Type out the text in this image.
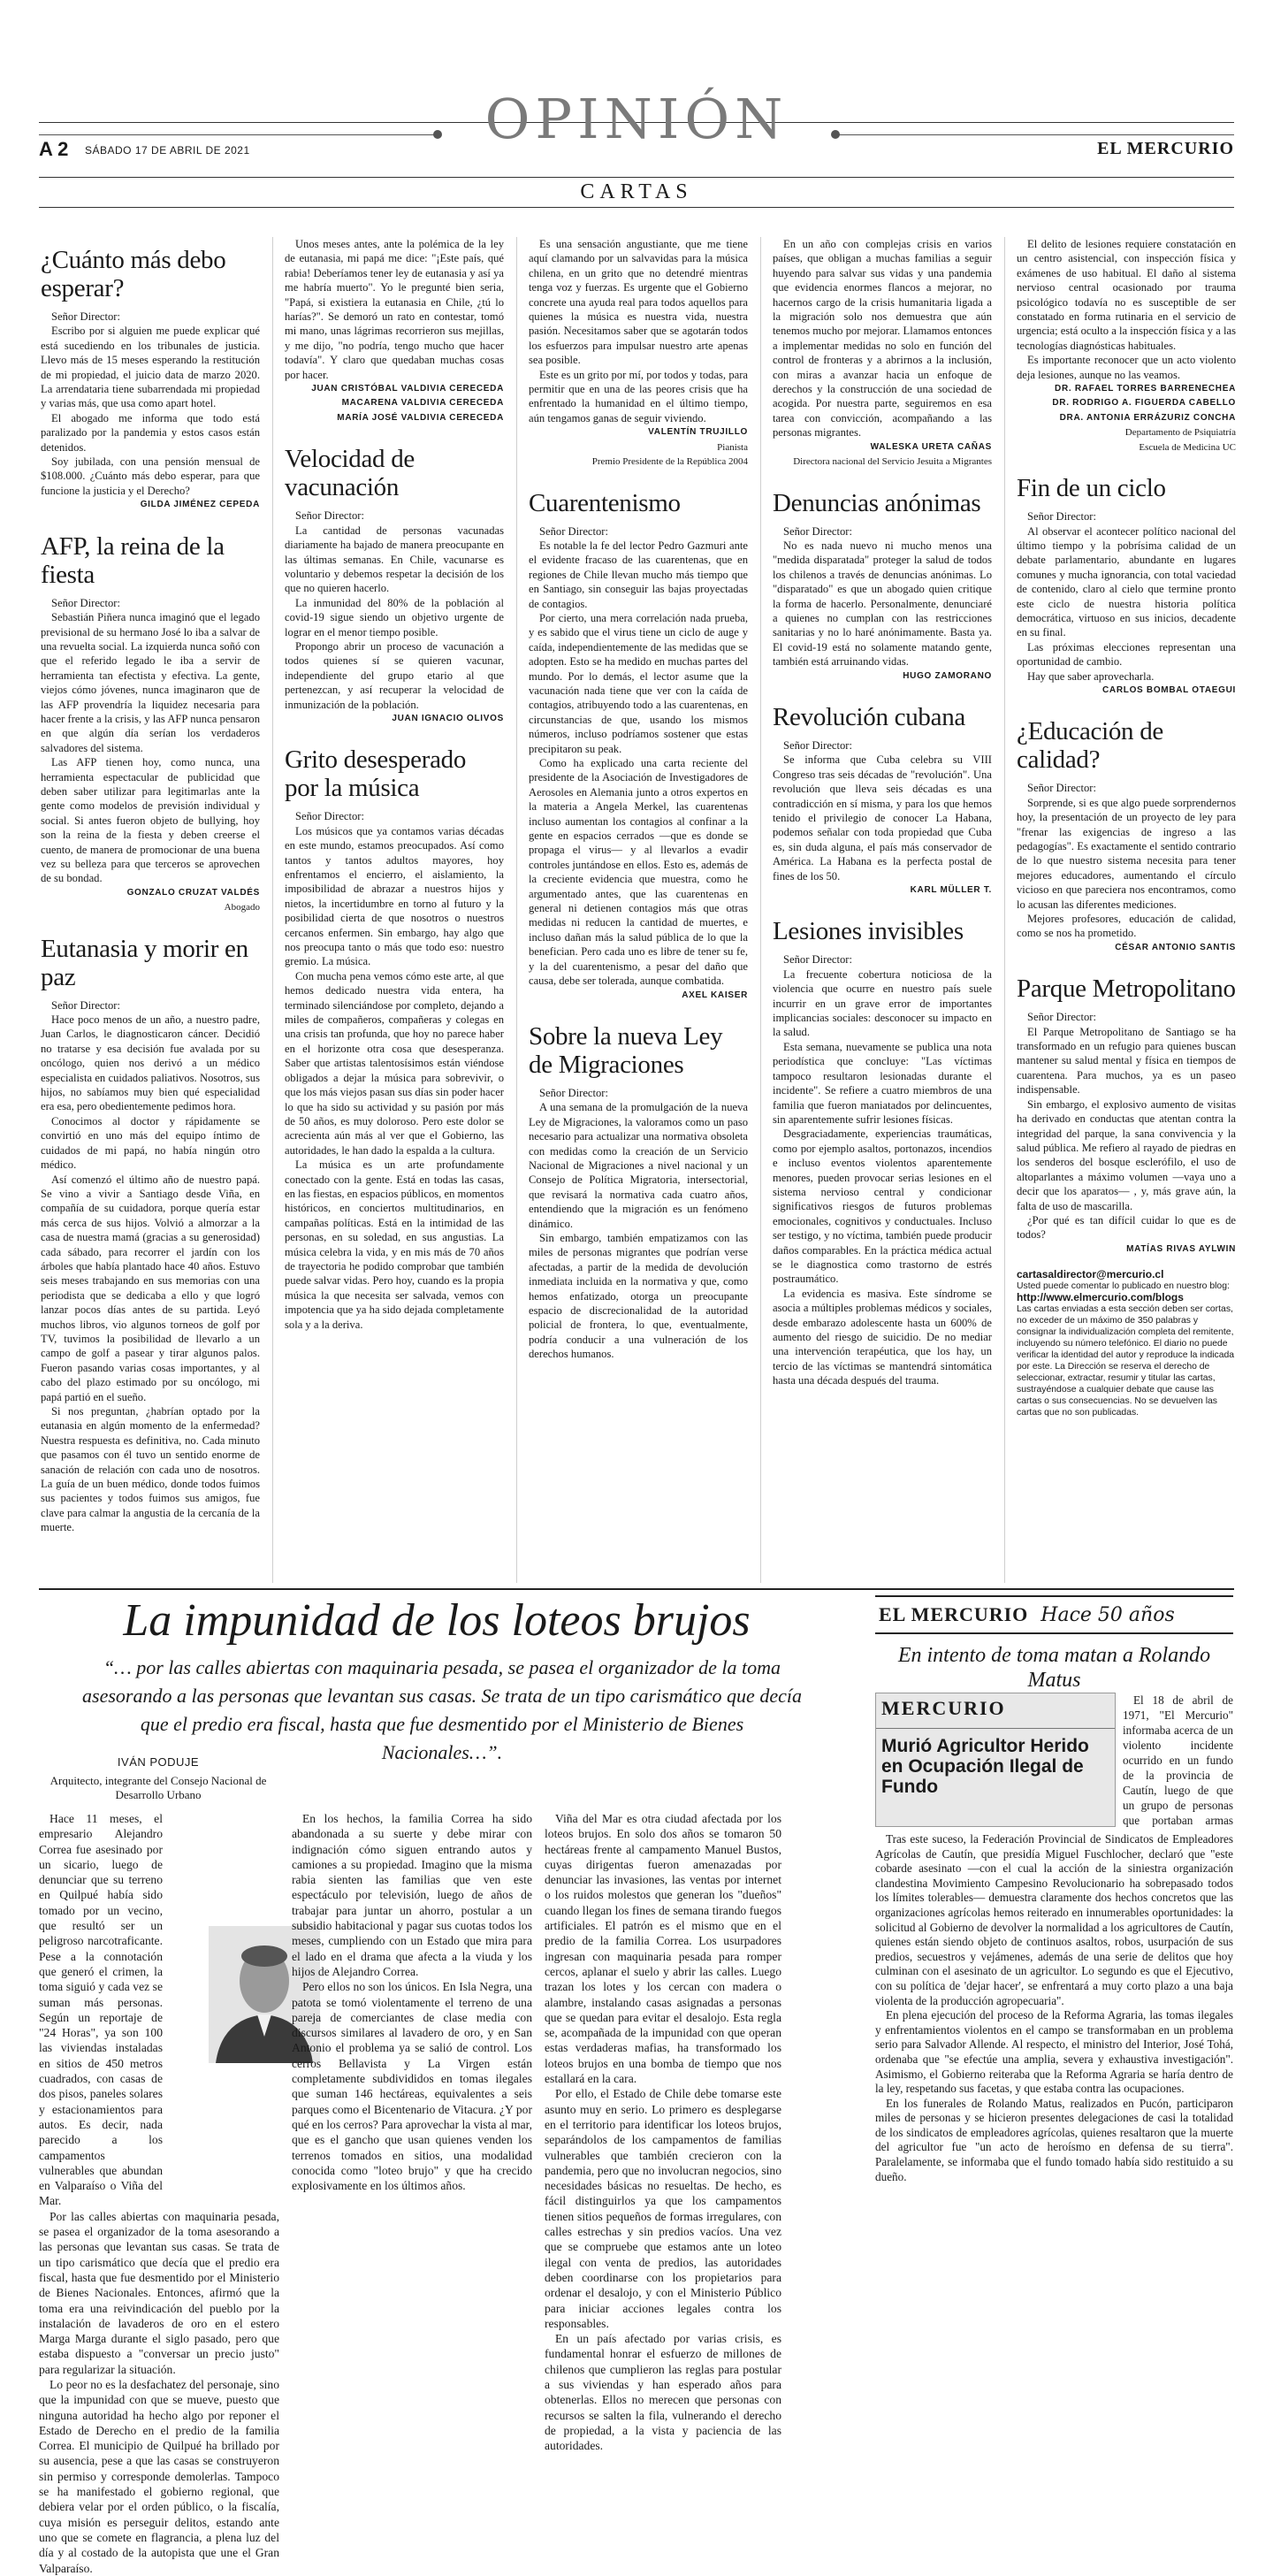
OPINIÓN
A 2 SÁBADO 17 DE ABRIL DE 2021	EL MERCURIO
CARTAS
¿Cuánto más debo esperar?

Señor Director:

Escribo por si alguien me puede explicar qué está sucediendo en los tribunales de justicia. Llevo más de 15 meses esperando la restitución de mi propiedad, el juicio data de marzo 2020. La arrendataria tiene subarrendada mi propiedad y varias más, que usa como apart hotel.

El abogado me informa que todo está paralizado por la pandemia y estos casos están detenidos.

Soy jubilada, con una pensión mensual de $108.000. ¿Cuánto más debo esperar, para que funcione la justicia y el Derecho?

GILDA JIMÉNEZ CEPEDA

AFP, la reina de la fiesta

Señor Director:

Sebastián Piñera nunca imaginó que el legado previsional de su hermano José lo iba a salvar de una revuelta social. La izquierda nunca soñó con que el referido legado le iba a servir de herramienta tan efectista y efectiva. La gente, viejos cómo jóvenes, nunca imaginaron que de las AFP provendría la liquidez necesaria para hacer frente a la crisis, y las AFP nunca pensaron en que algún día serían los verdaderos salvadores del sistema.

Las AFP tienen hoy, como nunca, una herramienta espectacular de publicidad que deben saber utilizar para legitimarlas ante la gente como modelos de previsión individual y social. Si antes fueron objeto de bullying, hoy son la reina de la fiesta y deben creerse el cuento, de manera de promocionar de una buena vez su belleza para que terceros se aprovechen de su bondad.

GONZALO CRUZAT VALDÉS

Abogado

Eutanasia y morir en paz

Señor Director:

Hace poco menos de un año, a nuestro padre, Juan Carlos, le diagnosticaron cáncer. Decidió no tratarse y esa decisión fue avalada por su oncólogo, quien nos derivó a un médico especialista en cuidados paliativos. Nosotros, sus hijos, no sabíamos muy bien qué especialidad era esa, pero obedientemente pedimos hora.

Conocimos al doctor y rápidamente se convirtió en uno más del equipo íntimo de cuidados de mi papá, no había ningún otro médico.

Así comenzó el último año de nuestro papá. Se vino a vivir a Santiago desde Viña, en compañía de su cuidadora, porque quería estar más cerca de sus hijos. Volvió a almorzar a la casa de nuestra mamá (gracias a su generosidad) cada sábado, para recorrer el jardín con los árboles que había plantado hace 40 años. Estuvo seis meses trabajando en sus memorias con una periodista que se dedicaba a ello y que logró lanzar pocos días antes de su partida. Leyó muchos libros, vio algunos torneos de golf por TV, tuvimos la posibilidad de llevarlo a un campo de golf a pasear y tirar algunos palos. Fueron pasando varias cosas importantes, y al cabo del plazo estimado por su oncólogo, mi papá partió en el sueño.

Si nos preguntan, ¿habrían optado por la eutanasia en algún momento de la enfermedad? Nuestra respuesta es definitiva, no. Cada minuto que pasamos con él tuvo un sentido enorme de sanación de relación con cada uno de nosotros. La guía de un buen médico, donde todos fuimos sus pacientes y todos fuimos sus amigos, fue clave para calmar la angustia de la cercanía de la muerte.

Unos meses antes, ante la polémica de la ley de eutanasia, mi papá me dice: "¡Este país, qué rabia! Deberíamos tener ley de eutanasia y así ya me habría muerto". Yo le pregunté bien seria, "Papá, si existiera la eutanasia en Chile, ¿tú lo harías?". Se demoró un rato en contestar, tomó mi mano, unas lágrimas recorrieron sus mejillas, y me dijo, "no podría, tengo mucho que hacer todavía". Y claro que quedaban muchas cosas por hacer.

JUAN CRISTÓBAL VALDIVIA CERECEDA

MACARENA VALDIVIA CERECEDA

MARÍA JOSÉ VALDIVIA CERECEDA

Velocidad de vacunación

Señor Director:

La cantidad de personas vacunadas diariamente ha bajado de manera preocupante en las últimas semanas. En Chile, vacunarse es voluntario y debemos respetar la decisión de los que no quieren hacerlo.

La inmunidad del 80% de la población al covid-19 sigue siendo un objetivo urgente de lograr en el menor tiempo posible.

Propongo abrir un proceso de vacunación a todos quienes sí se quieren vacunar, independiente del grupo etario al que pertenezcan, y así recuperar la velocidad de inmunización de la población.

JUAN IGNACIO OLIVOS

Grito desesperado por la música

Señor Director:

Los músicos que ya contamos varias décadas en este mundo, estamos preocupados. Así como tantos y tantos adultos mayores, hoy enfrentamos el encierro, el aislamiento, la imposibilidad de abrazar a nuestros hijos y nietos, la incertidumbre en torno al futuro y la posibilidad cierta de que nosotros o nuestros cercanos enfermen. Sin embargo, hay algo que nos preocupa tanto o más que todo eso: nuestro gremio. La música.

Con mucha pena vemos cómo este arte, al que hemos dedicado nuestra vida entera, ha terminado silenciándose por completo, dejando a miles de compañeros, compañeras y colegas en una crisis tan profunda, que hoy no parece haber en el horizonte otra cosa que desesperanza. Saber que artistas talentosísimos están viéndose obligados a dejar la música para sobrevivir, o que los más viejos pasan sus días sin poder hacer lo que ha sido su actividad y su pasión por más de 50 años, es muy doloroso. Pero este dolor se acrecienta aún más al ver que el Gobierno, las autoridades, le han dado la espalda a la cultura.

La música es un arte profundamente conectado con la gente. Está en todas las casas, en las fiestas, en espacios públicos, en momentos históricos, en conciertos multitudinarios, en campañas políticas. Está en la intimidad de las personas, en su soledad, en sus angustias. La música celebra la vida, y en mis más de 70 años de trayectoria he podido comprobar que también puede salvar vidas. Pero hoy, cuando es la propia música la que necesita ser salvada, vemos con impotencia que ya ha sido dejada completamente sola y a la deriva.

Es una sensación angustiante, que me tiene aquí clamando por un salvavidas para la música chilena, en un grito que no detendré mientras tenga voz y fuerzas. Es urgente que el Gobierno concrete una ayuda real para todos aquellos para quienes la música es nuestra vida, nuestra pasión. Necesitamos saber que se agotarán todos los esfuerzos para impulsar nuestro arte apenas sea posible.

Este es un grito por mí, por todos y todas, para permitir que en una de las peores crisis que ha enfrentado la humanidad en el último tiempo, aún tengamos ganas de seguir viviendo.

VALENTÍN TRUJILLO

Pianista

Premio Presidente de la República 2004

Cuarentenismo

Señor Director:

Es notable la fe del lector Pedro Gazmuri ante el evidente fracaso de las cuarentenas, que en regiones de Chile llevan mucho más tiempo que en Santiago, sin conseguir las bajas proyectadas de contagios.

Por cierto, una mera correlación nada prueba, y es sabido que el virus tiene un ciclo de auge y caída, independientemente de las medidas que se adopten. Esto se ha medido en muchas partes del mundo. Por lo demás, el lector asume que la vacunación nada tiene que ver con la caída de contagios, atribuyendo todo a las cuarentenas, en circunstancias de que, usando los mismos números, incluso podríamos sostener que estas precipitaron su peak.

Como ha explicado una carta reciente del presidente de la Asociación de Investigadores de Aerosoles en Alemania junto a otros expertos en la materia a Angela Merkel, las cuarentenas incluso aumentan los contagios al confinar a la gente en espacios cerrados —que es donde se propaga el virus— y al llevarlos a evadir controles juntándose en ellos. Esto es, además de la creciente evidencia que muestra, como he argumentado antes, que las cuarentenas en general ni detienen contagios más que otras medidas ni reducen la cantidad de muertes, e incluso dañan más la salud pública de lo que la benefician. Pero cada uno es libre de tener su fe, y la del cuarentenismo, a pesar del daño que causa, debe ser tolerada, aunque combatida.

AXEL KAISER

Sobre la nueva Ley de Migraciones

Señor Director:

A una semana de la promulgación de la nueva Ley de Migraciones, la valoramos como un paso necesario para actualizar una normativa obsoleta con medidas como la creación de un Servicio Nacional de Migraciones a nivel nacional y un Consejo de Política Migratoria, intersectorial, que revisará la normativa cada cuatro años, entendiendo que la migración es un fenómeno dinámico.

Sin embargo, también empatizamos con las miles de personas migrantes que podrían verse afectadas, a partir de la medida de devolución inmediata incluida en la normativa y que, como hemos enfatizado, otorga un preocupante espacio de discrecionalidad de la autoridad policial de frontera, lo que, eventualmente, podría conducir a una vulneración de los derechos humanos.

En un año con complejas crisis en varios países, que obligan a muchas familias a seguir huyendo para salvar sus vidas y una pandemia que evidencia enormes flancos a mejorar, no hacernos cargo de la crisis humanitaria ligada a la migración solo nos demuestra que aún tenemos mucho por mejorar. Llamamos entonces a implementar medidas no solo en función del control de fronteras y a abrirnos a la inclusión, con miras a avanzar hacia un enfoque de derechos y la construcción de una sociedad de acogida. Por nuestra parte, seguiremos en esa tarea con convicción, acompañando a las personas migrantes.

WALESKA URETA CAÑAS

Directora nacional del Servicio Jesuita a Migrantes

Denuncias anónimas

Señor Director:

No es nada nuevo ni mucho menos una "medida disparatada" proteger la salud de todos los chilenos a través de denuncias anónimas. Lo "disparatado" es que un abogado quien critique la forma de hacerlo. Personalmente, denunciaré a quienes no cumplan con las restricciones sanitarias y no lo haré anónimamente. Basta ya. El covid-19 está no solamente matando gente, también está arruinando vidas.

HUGO ZAMORANO

Revolución cubana

Señor Director:

Se informa que Cuba celebra su VIII Congreso tras seis décadas de "revolución". Una revolución que lleva seis décadas es una contradicción en sí misma, y para los que hemos tenido el privilegio de conocer La Habana, podemos señalar con toda propiedad que Cuba es, sin duda alguna, el país más conservador de América. La Habana es la perfecta postal de fines de los 50.

KARL MÜLLER T.

Lesiones invisibles

Señor Director:

La frecuente cobertura noticiosa de la violencia que ocurre en nuestro país suele incurrir en un grave error de importantes implicancias sociales: desconocer su impacto en la salud.

Esta semana, nuevamente se publica una nota periodística que concluye: "Las víctimas tampoco resultaron lesionadas durante el incidente". Se refiere a cuatro miembros de una familia que fueron maniatados por delincuentes, sin aparentemente sufrir lesiones físicas.

Desgraciadamente, experiencias traumáticas, como por ejemplo asaltos, portonazos, incendios e incluso eventos violentos aparentemente menores, pueden provocar serias lesiones en el sistema nervioso central y condicionar significativos riesgos de futuros problemas emocionales, cognitivos y conductuales. Incluso ser testigo, y no víctima, también puede producir daños comparables. En la práctica médica actual se le diagnostica como trastorno de estrés postraumático.

La evidencia es masiva. Este síndrome se asocia a múltiples problemas médicos y sociales, desde embarazo adolescente hasta un 600% de aumento del riesgo de suicidio. De no mediar una intervención terapéutica, que los hay, un tercio de las víctimas se mantendrá sintomática hasta una década después del trauma.

El delito de lesiones requiere constatación en un centro asistencial, con inspección física y exámenes de uso habitual. El daño al sistema nervioso central ocasionado por trauma psicológico todavía no es susceptible de ser constatado en forma rutinaria en el servicio de urgencia; está oculto a la inspección física y a las tecnologías diagnósticas habituales.

Es importante reconocer que un acto violento deja lesiones, aunque no las veamos.

DR. RAFAEL TORRES BARRENECHEA

DR. RODRIGO A. FIGUERDA CABELLO

DRA. ANTONIA ERRÁZURIZ CONCHA

Departamento de Psiquiatría

Escuela de Medicina UC

Fin de un ciclo

Señor Director:

Al observar el acontecer político nacional del último tiempo y la pobrísima calidad de un debate parlamentario, abundante en lugares comunes y mucha ignorancia, con total vaciedad de contenido, claro al cielo que termine pronto este ciclo de nuestra historia política democrática, virtuoso en sus inicios, decadente en su final.

Las próximas elecciones representan una oportunidad de cambio.

Hay que saber aprovecharla.

CARLOS BOMBAL OTAEGUI

¿Educación de calidad?

Señor Director:

Sorprende, si es que algo puede sorprendernos hoy, la presentación de un proyecto de ley para "frenar las exigencias de ingreso a las pedagogías". Es exactamente el sentido contrario de lo que nuestro sistema necesita para tener mejores educadores, aumentando el círculo vicioso en que pareciera nos encontramos, como lo acusan las diferentes mediciones.

Mejores profesores, educación de calidad, como se nos ha prometido.

CÉSAR ANTONIO SANTIS

Parque Metropolitano

Señor Director:

El Parque Metropolitano de Santiago se ha transformado en un refugio para quienes buscan mantener su salud mental y física en tiempos de cuarentena. Para muchos, ya es un paseo indispensable.

Sin embargo, el explosivo aumento de visitas ha derivado en conductas que atentan contra la integridad del parque, la sana convivencia y la salud pública. Me refiero al rayado de piedras en los senderos del bosque esclerófilo, el uso de altoparlantes a máximo volumen —vaya uno a decir que los aparatos— , y, más grave aún, la falta de uso de mascarilla.

¿Por qué es tan difícil cuidar lo que es de todos?

MATÍAS RIVAS AYLWIN

cartasaldirector@mercurio.cl

Usted puede comentar lo publicado en nuestro blog:

http://www.elmercurio.com/blogs

Las cartas enviadas a esta sección deben ser cortas, no exceder de un máximo de 350 palabras y consignar la individualización completa del remitente, incluyendo su número telefónico. El diario no puede verificar la identidad del autor y reproduce la indicada por este. La Dirección se reserva el derecho de seleccionar, extractar, resumir y titular las cartas, sustrayéndose a cualquier debate que cause las cartas o sus consecuencias. No se devuelven las cartas que no son publicadas.

La impunidad de los loteos brujos
“… por las calles abiertas con maquinaria pesada, se pasea el organizador de la toma asesorando a las personas que levantan sus casas. Se trata de un tipo carismático que decía que el predio era fiscal, hasta que fue desmentido por el Ministerio de Bienes Nacionales…”.
IVÁN PODUJE
Arquitecto, integrante del Consejo Nacional de Desarrollo Urbano

Hace 11 meses, el empresario Alejandro Correa fue asesinado por un sicario, luego de denunciar que su terreno en Quilpué había sido tomado por un vecino, que resultó ser un peligroso narcotraficante. Pese a la connotación que generó el crimen, la toma siguió y cada vez se suman más personas. Según un reportaje de "24 Horas", ya son 100 las viviendas instaladas en sitios de 450 metros cuadrados, con casas de dos pisos, paneles solares y estacionamientos para autos. Es decir, nada parecido a los campamentos vulnerables que abundan en Valparaíso o Viña del Mar.

Por las calles abiertas con maquinaria pesada, se pasea el organizador de la toma asesorando a las personas que levantan sus casas. Se trata de un tipo carismático que decía que el predio era fiscal, hasta que fue desmentido por el Ministerio de Bienes Nacionales. Entonces, afirmó que la toma era una reivindicación del pueblo por la instalación de lavaderos de oro en el estero Marga Marga durante el siglo pasado, pero que estaba dispuesto a "conversar un precio justo" para regularizar la situación.

Lo peor no es la desfachatez del personaje, sino que la impunidad con que se mueve, puesto que ninguna autoridad ha hecho algo por reponer el Estado de Derecho en el predio de la familia Correa. El municipio de Quilpué ha brillado por su ausencia, pese a que las casas se construyeron sin permiso y corresponde demolerlas. Tampoco se ha manifestado el gobierno regional, que debiera velar por el orden público, o la fiscalía, cuya misión es perseguir delitos, estando ante uno que se comete en flagrancia, a plena luz del día y al costado de la autopista que une el Gran Valparaíso.

En los hechos, la familia Correa ha sido abandonada a su suerte y debe mirar con indignación cómo siguen entrando autos y camiones a su propiedad. Imagino que la misma rabia sienten las familias que ven este espectáculo por televisión, luego de años de trabajar para juntar un ahorro, postular a un subsidio habitacional y pagar sus cuotas todos los meses, cumpliendo con un Estado que mira para el lado en el drama que afecta a la viuda y los hijos de Alejandro Correa.

Pero ellos no son los únicos. En Isla Negra, una patota se tomó violentamente el terreno de una pareja de comerciantes de clase media con discursos similares al lavadero de oro, y en San Antonio el problema ya se salió de control. Los cerros Bellavista y La Virgen están completamente subdivididos en tomas ilegales que suman 146 hectáreas, equivalentes a seis parques como el Bicentenario de Vitacura. ¿Y por qué en los cerros? Para aprovechar la vista al mar, que es el gancho que usan quienes venden los terrenos tomados en sitios, una modalidad conocida como "loteo brujo" y que ha crecido explosivamente en los últimos años.

Viña del Mar es otra ciudad afectada por los loteos brujos. En solo dos años se tomaron 50 hectáreas frente al campamento Manuel Bustos, cuyas dirigentas fueron amenazadas por denunciar las invasiones, las ventas por internet o los ruidos molestos que generan los "dueños" cuando llegan los fines de semana tirando fuegos artificiales. El patrón es el mismo que en el predio de la familia Correa. Los usurpadores ingresan con maquinaria pesada para romper cercos, aplanar el suelo y abrir las calles. Luego trazan los lotes y los cercan con madera o alambre, instalando casas asignadas a personas que se quedan para evitar el desalojo. Esta regla se, acompañada de la impunidad con que operan estas verdaderas mafias, ha transformado los loteos brujos en una bomba de tiempo que nos estallará en la cara.

Por ello, el Estado de Chile debe tomarse este asunto muy en serio. Lo primero es desplegarse en el territorio para identificar los loteos brujos, separándolos de los campamentos de familias vulnerables que también crecieron con la pandemia, pero que no involucran negocios, sino necesidades básicas no resueltas. De hecho, es fácil distinguirlos ya que los campamentos tienen sitios pequeños de formas irregulares, con calles estrechas y sin predios vacíos. Una vez que se compruebe que estamos ante un loteo ilegal con venta de predios, las autoridades deben coordinarse con los propietarios para ordenar el desalojo, y con el Ministerio Público para iniciar acciones legales contra los responsables.

En un país afectado por varias crisis, es fundamental honrar el esfuerzo de millones de chilenos que cumplieron las reglas para postular a sus viviendas y han esperado años para obtenerlas. Ellos no merecen que personas con recursos se salten la fila, vulnerando el derecho de propiedad, a la vista y paciencia de las autoridades.

EL MERCURIO Hace 50 años
En intento de toma matan a Rolando Matus
MERCURIO

Murió Agricultor Herido en Ocupación Ilegal de Fundo

El 18 de abril de 1971, "El Mercurio" informaba acerca de un violento incidente ocurrido en un fundo de la provincia de Cautín, luego de que un grupo de personas que portaban armas

Tras este suceso, la Federación Provincial de Sindicatos de Empleadores Agrícolas de Cautín, que presidía Miguel Fuschlocher, declaró que "este cobarde asesinato —con el cual la acción de la siniestra organización clandestina Movimiento Campesino Revolucionario ha sobrepasado todos los límites tolerables— demuestra claramente dos hechos concretos que las organizaciones agrícolas hemos reiterado en innumerables oportunidades: la solicitud al Gobierno de devolver la normalidad a los agricultores de Cautín, quienes están siendo objeto de continuos asaltos, robos, usurpación de sus predios, secuestros y vejámenes, además de una serie de delitos que hoy culminan con el asesinato de un agricultor. Lo segundo es que el Ejecutivo, con su política de 'dejar hacer', se enfrentará a muy corto plazo a una baja violenta de la producción agropecuaria".

En plena ejecución del proceso de la Reforma Agraria, las tomas ilegales y enfrentamientos violentos en el campo se transformaban en un problema serio para Salvador Allende. Al respecto, el ministro del Interior, José Tohá, ordenaba que "se efectúe una amplia, severa y exhaustiva investigación". Asimismo, el Gobierno reiteraba que la Reforma Agraria se haría dentro de la ley, respetando sus facetas, y que estaba contra las ocupaciones.

En los funerales de Rolando Matus, realizados en Pucón, participaron miles de personas y se hicieron presentes delegaciones de casi la totalidad de los sindicatos de empleadores agrícolas, quienes resaltaron que la muerte del agricultor fue "un acto de heroísmo en defensa de su tierra". Paralelamente, se informaba que el fundo tomado había sido restituido a su dueño.
